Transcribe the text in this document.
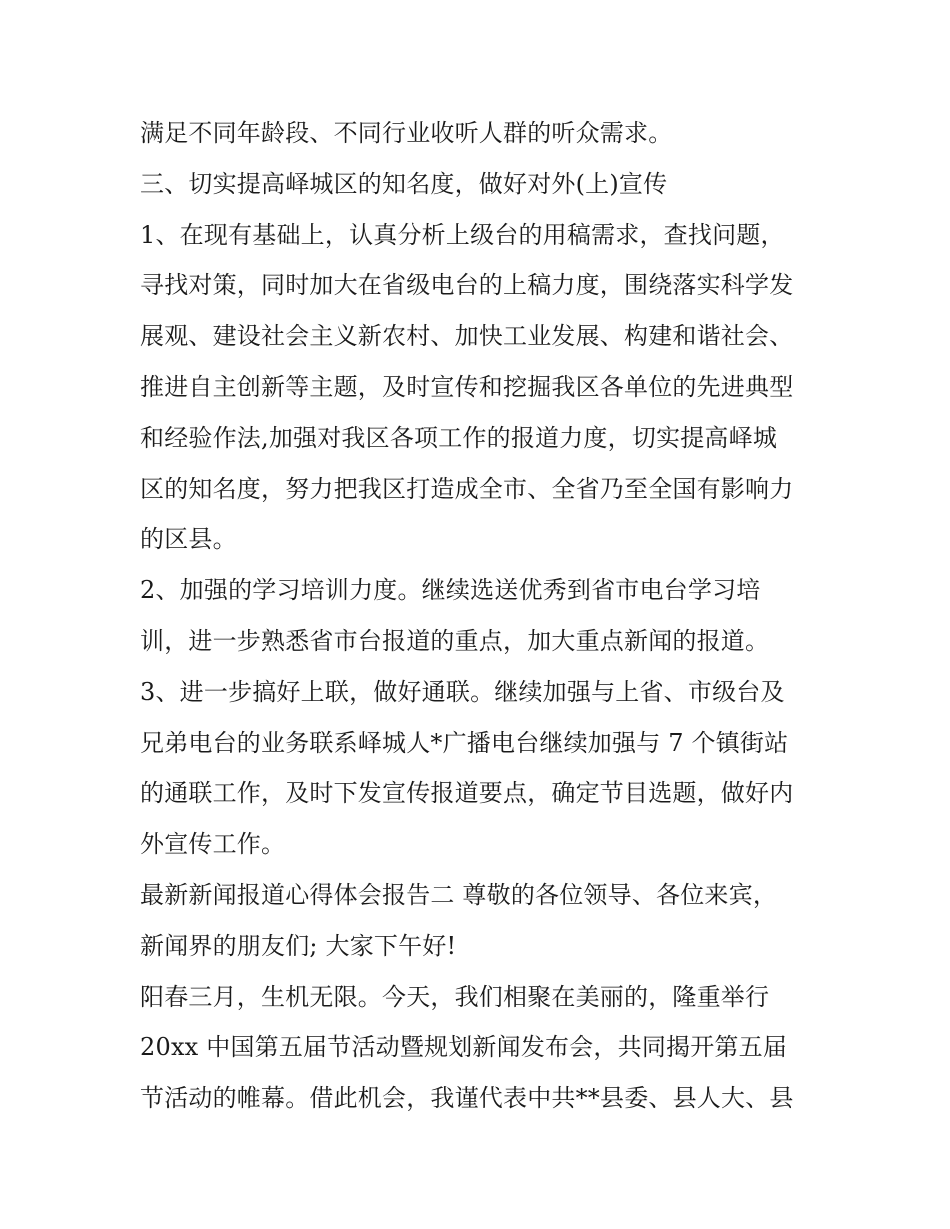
满足不同年龄段、不同行业收听人群的听众需求。
三、切实提高峄城区的知名度，做好对外(上)宣传
1、在现有基础上，认真分析上级台的用稿需求，查找问题，
寻找对策，同时加大在省级电台的上稿力度，围绕落实科学发
展观、建设社会主义新农村、加快工业发展、构建和谐社会、
推进自主创新等主题，及时宣传和挖掘我区各单位的先进典型
和经验作法,加强对我区各项工作的报道力度，切实提高峄城
区的知名度，努力把我区打造成全市、全省乃至全国有影响力
的区县。
2、加强的学习培训力度。继续选送优秀到省市电台学习培
训，进一步熟悉省市台报道的重点，加大重点新闻的报道。
3、进一步搞好上联，做好通联。继续加强与上省、市级台及
兄弟电台的业务联系峄城人*广播电台继续加强与 7 个镇街站
的通联工作，及时下发宣传报道要点，确定节目选题，做好内
外宣传工作。
最新新闻报道心得体会报告二 尊敬的各位领导、各位来宾，
新闻界的朋友们; 大家下午好!
阳春三月，生机无限。今天，我们相聚在美丽的，隆重举行
20xx 中国第五届节活动暨规划新闻发布会，共同揭开第五届
节活动的帷幕。借此机会，我谨代表中共**县委、县人大、县
